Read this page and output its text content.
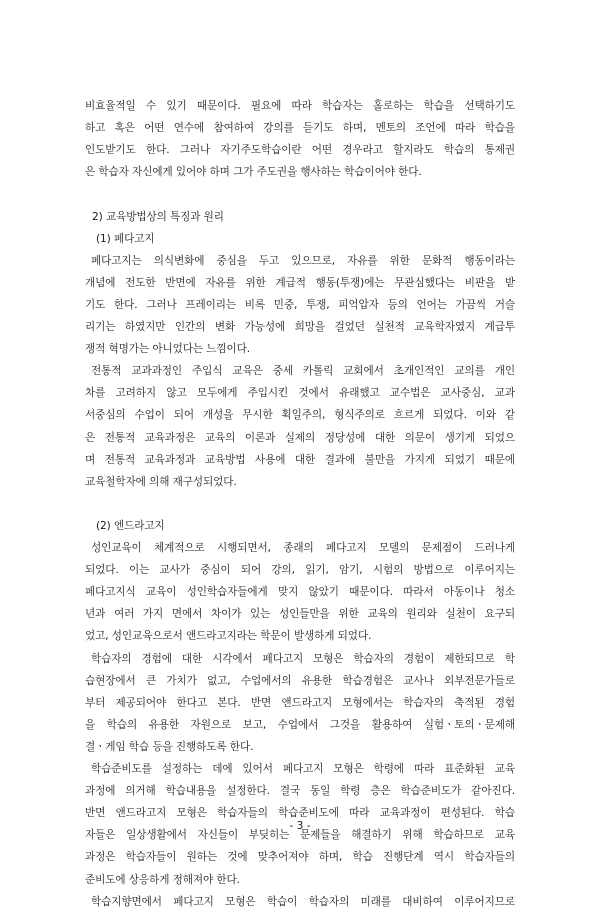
비효율적일 수 있기 때문이다. 필요에 따라 학습자는 홀로하는 학습을 선택하기도
하고 혹은 어떤 연수에 참여하여 강의를 듣기도 하며, 멘토의 조언에 따라 학습을
인도받기도 한다. 그러나 자기주도학습이란 어떤 경우라고 할지라도 학습의 통제권
은 학습자 자신에게 있어야 하며 그가 주도권을 행사하는 학습이어야 한다.
2) 교육방법상의 특징과 원리
(1) 페다고지
페다고지는 의식변화에 중심을 두고 있으므로, 자유를 위한 문화적 행동이라는
개념에 전도한 반면에 자유를 위한 계급적 행동(투쟁)에는 무관심했다는 비판을 받
기도 한다. 그러나 프레이리는 비록 민중, 투쟁, 피억압자 등의 언어는 가끔씩 거슬
리기는 하였지만 인간의 변화 가능성에 희망을 걸었던 실천적 교육학자였지 계급투
쟁적 혁명가는 아니었다는 느낌이다.
전통적 교과과정인 주입식 교육은 중세 카톨릭 교회에서 초개인적인 교의를 개인
차를 고려하지 않고 모두에게 주입시킨 것에서 유래했고 교수법은 교사중심, 교과
서중심의 수업이 되어 개성을 무시한 획일주의, 형식주의로 흐르게 되었다. 이와 같
은 전통적 교육과정은 교육의 이론과 실제의 정당성에 대한 의문이 생기게 되었으
며 전통적 교육과정과 교육방법 사용에 대한 결과에 불만을 가지게 되었기 때문에
교육철학자에 의해 재구성되었다.
(2) 엔드라고지
성인교육이 체계적으로 시행되면서, 종래의 페다고지 모델의 문제점이 드러나게
되었다. 이는 교사가 중심이 되어 강의, 읽기, 암기, 시험의 방법으로 이루어지는
페다고지식 교육이 성인학습자들에게 맞지 않았기 때문이다. 따라서 아동이나 청소
년과 여러 가지 면에서 차이가 있는 성인들만을 위한 교육의 원리와 실천이 요구되
었고, 성인교육으로서 앤드라고지라는 학문이 발생하게 되었다.
학습자의 경험에 대한 시각에서 페다고지 모형은 학습자의 경험이 제한되므로 학
습현장에서 큰 가치가 없고, 수업에서의 유용한 학습경험은 교사나 외부전문가들로
부터 제공되어야 한다고 본다. 반면 앤드라고지 모형에서는 학습자의 축적된 경험
을 학습의 유용한 자원으로 보고, 수업에서 그것을 활용하여 실험ㆍ토의ㆍ문제해
결ㆍ게임 학습 등을 진행하도록 한다.
학습준비도를 설정하는 데에 있어서 페다고지 모형은 학령에 따라 표준화된 교육
과정에 의거해 학습내용을 설정한다. 결국 동일 학령 층은 학습준비도가 같아진다.
반면 앤드라고지 모형은 학습자들의 학습준비도에 따라 교육과정이 편성된다. 학습
자들은 일상생활에서 자신들이 부딪히는 문제들을 해결하기 위해 학습하므로 교육
과정은 학습자들이 원하는 것에 맞추어져야 하며, 학습 진행단계 역시 학습자들의
준비도에 상응하게 정해져야 한다.
학습지향면에서 페다고지 모형은 학습이 학습자의 미래를 대비하여 이루어지므로
- 3 -
